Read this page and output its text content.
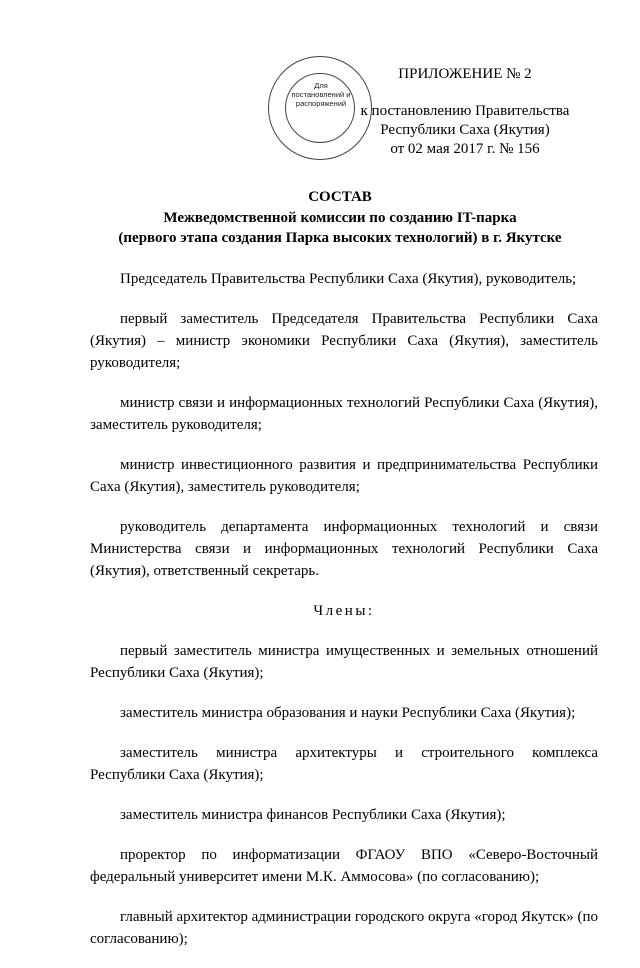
Для постановлений и распоряжений
ПРИЛОЖЕНИЕ № 2
к постановлению Правительства
Республики Саха (Якутия)
от 02 мая 2017 г. № 156
СОСТАВ
Межведомственной комиссии по созданию IT-парка
(первого этапа создания Парка высоких технологий) в г. Якутске

Председатель Правительства Республики Саха (Якутия), руководитель;

первый заместитель Председателя Правительства Республики Саха (Якутия) – министр экономики Республики Саха (Якутия), заместитель руководителя;

министр связи и информационных технологий Республики Саха (Якутия), заместитель руководителя;

министр инвестиционного развития и предпринимательства Республики Саха (Якутия), заместитель руководителя;

руководитель департамента информационных технологий и связи Министерства связи и информационных технологий Республики Саха (Якутия), ответственный секретарь.

Члены:

первый заместитель министра имущественных и земельных отношений Республики Саха (Якутия);

заместитель министра образования и науки Республики Саха (Якутия);

заместитель министра архитектуры и строительного комплекса Республики Саха (Якутия);

заместитель министра финансов Республики Саха (Якутия);

проректор по информатизации ФГАОУ ВПО «Северо-Восточный федеральный университет имени М.К. Аммосова» (по согласованию);

главный архитектор администрации городского округа «город Якутск» (по согласованию);
